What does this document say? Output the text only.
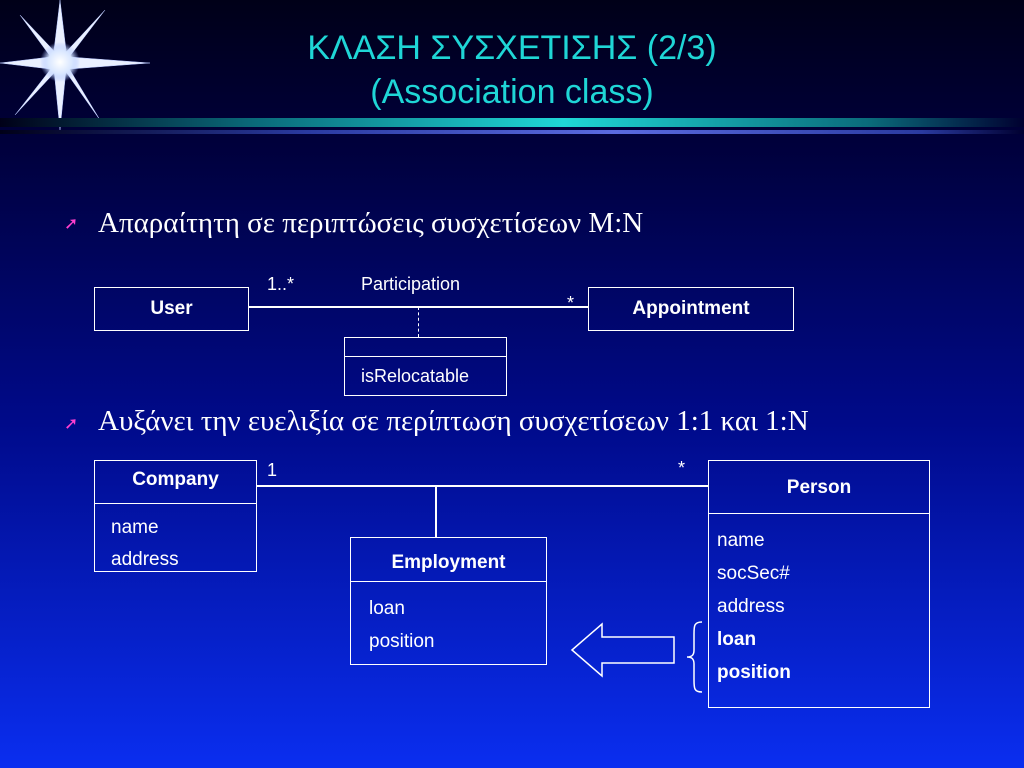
ΚΛΑΣΗ ΣΥΣΧΕΤΙΣΗΣ (2/3)
(Association class)
➚ Απαραίτητη σε περιπτώσεις συσχετίσεων M:N
User	Appointment
1..*	Participation
*
isRelocatable
➚ Αυξάνει την ευελιξία σε περίπτωση συσχετίσεων 1:1 και 1:N
Company
name
address
Person
name
socSec#
address
loan
position
1	*
Employment
loan
position
